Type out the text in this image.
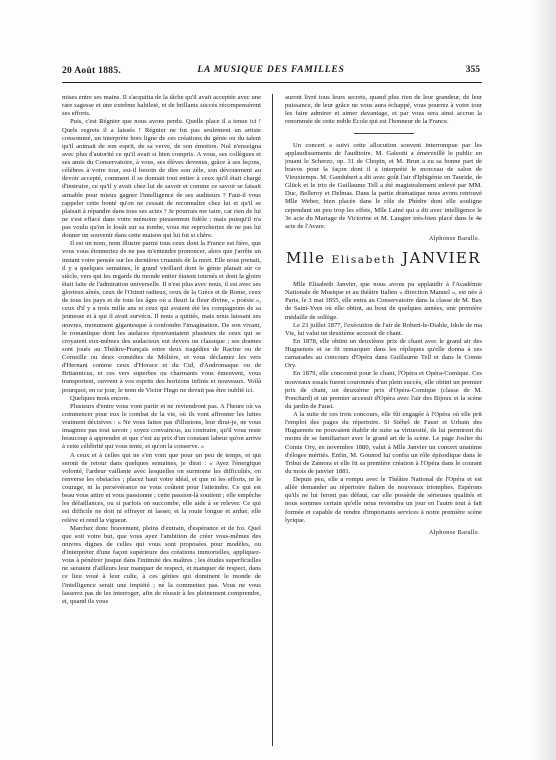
20 Août 1885.	LA MUSIQUE DES FAMILLES	355

mises entre ses mains. Il s'acquitta de la tâche qu'il avait acceptée avec une rare sagesse et une extrême habileté, et de brillants succès récompensèrent ses efforts.

Puis, c'est Régnier que nous avons perdu. Quelle place il a tenue ici ! Quels regrets il a laissés ! Régnier ne fut pas seulement un artiste consommé, un interprète hors ligne de ces créations du génie ou du talent qu'il animait de son esprit, de sa verve, de son émotion. Nul n'enseigna avec plus d'autorité ce qu'il avait si bien compris. A vous, ses collègues et ses amis du Conservatoire, à vous, ses élèves devenus, grâce à ses leçons, célèbres à votre tour, est-il besoin de dire son zèle, son dévouement au devoir accepté, comment il se donnait tout entier à ceux qu'il était chargé d'instruire, ce qu'il y avait chez lui de savoir et comme ce savoir se faisait aimable pour mieux gagner l'intelligence de ses auditeurs ? Faut-il vous rappeler cette bonté qu'on ne cessait de reconnaître chez lui et qu'il se plaisait à répandre dans tous ses actes ? Je pourrais me taire, car rien de lui ne s'est effacé dans votre mémoire pieusement fidèle ; mais puisqu'il n'a pas voulu qu'on le louât sur sa tombe, vous me reprocheriez de ne pas lui donner un souvenir dans cette maison qui lui fut si chère.

Il est un nom, nom illustre parmi tous ceux dont la France est fière, que vous vous étonneriez de ne pas m'entendre prononcer, alors que j'arrête un instant votre pensée sur les dernières cruautés de la mort. Elle nous prenait, il y a quelques semaines, le grand vieillard dont le génie planait sur ce siècle, vers qui les regards du monde entier étaient tournés et dont la gloire était faite de l'admiration universelle. Il n'est plus avec nous, il est avec ses glorieux aînés, ceux de l'Orient radieux, ceux de la Grèce et de Rome, ceux de tous les pays et de tous les âges où a fleuri la fleur divine, « poésie », ceux d'il y a trois mille ans et ceux qui avaient été les compagnons de sa jeunesse et à qui il avait survécu. Il nous a quittés, mais nous laissant ses œuvres, monument gigantesque à confondre l'imagination. De son vivant, le romantique dont les audaces épouvantaient plusieurs de ceux qui se croyaient eux-mêmes des audacieux eut devers un classique ; ses drames sont joués au Théâtre-Français entre deux tragédies de Racine ou de Corneille ou deux comédies de Molière, et vous déclamez les vers d'Hernani comme ceux d'Horace et du Cid, d'Andromaque ou de Britannicus, et ces vers superbes ou charmants vous émeuvent, vous transportent, ouvrent à vos esprits des horizons infinis et nouveaux. Voilà pourquoi, en ce jour, le nom de Victor Hugo ne devait pas être oublié ici.

Quelques mots encore.

Plusieurs d'entre vous vont partir et ne reviendront pas. A l'heure où va commencer pour eux le combat de la vie, où ils vont affronter les luttes vraiment décisives : « Ne vous faites pas d'illusions, leur dirai-je, ne vous imaginez pas tout savoir ; soyez convaincus, au contraire, qu'il vous reste beaucoup à apprendre et que c'est au prix d'un constant labeur qu'on arrive à cette célébrité qui vous tente, et qu'on la conserve. »

A ceux et à celles qui ne s'en vont que pour un peu de temps, et qui seront de retour dans quelques semaines, je dirai : « Ayez l'énergique volonté, l'ardeur vaillante avec lesquelles on surmonte les difficultés, on renverse les obstacles ; placez haut votre idéal, et que ni les efforts, ni le courage, ni la persévérance ne vous coûtent pour l'atteindre. Ce qui est beau vous attire et vous passionne ; cette passion-là soutient ; elle empêche les défaillances, ou si parfois on succombe, elle aide à se relever. Ce qui est difficile ne doit ni effrayer ni lasser, et la route longue et ardue, elle relève et rend la vigueur.

Marchez donc bravement, pleins d'entrain, d'espérance et de foi. Quel que soit votre but, que vous ayez l'ambition de créer vous-mêmes des œuvres dignes de celles qui vous sont proposées pour modèles, ou d'interpréter d'une façon supérieure des créations immortelles, appliquez-vous à pénétrer jusque dans l'intimité des maîtres ; les études superficielles ne seraient d'ailleurs leur manquer de respect, et manquer de respect, dans ce lieu voué à leur culte, à ces génies qui dominent le monde de l'intelligence serait une impiété ; ne la commettez pas. Vous ne vous lasserez pas de les interroger, afin de réussir à les pleinement comprendre, et, quand ils vous

auront livré tous leurs secrets, quand plus rien de leur grandeur, de leur puissance, de leur grâce ne vous aura échappé, vous pourrez à votre tour les faire admirer et aimer davantage, et par vous sera ainsi accrue la renommée de cette noble École qui est l'honneur de la France.

Un concert a suivi cette allocution souvent interrompue par les applaudissements de l'auditoire. M. Galeotti a émerveillé le public en jouant le Scherzo, op. 31 de Chopin, et M. Brun a eu sa bonne part de bravos pour la façon dont il a interprété le morceau de salon de Vieuxtemps. M. Gandubert a dit avec goût l'air d'Iphigénie en Tauride, de Glück et le trio de Guillaume Tell a été magistralement enlevé par MM. Duc, Belleroy et Delmas. Dans la partie dramatique nous avons retrouvé Mlle Weber, bien placée dans le rôle de Phèdre dont elle souligne cependant un peu trop les effets, Mlle Lainé qui a dit avec intelligence le 3e acte du Mariage de Victorine et M. Laugier très-bien placé dans le 4e acte de l'Avare.

Alphonse Baralle.
Mlle Elisabeth JANVIER

Mlle Elisabeth Janvier, que nous avons pu applaudir à l'Académie Nationale de Musique et au théâtre Italien « direction Manuel », est née à Paris, le 3 mai 1855, elle entra au Conservatoire dans la classe de M. Bax de Saint-Yves où elle obtint, au bout de quelques années, une première médaille de solfège.

Le 23 juillet 1877, l'exécution de l'air de Robert-le-Diable, Idole de ma Vie, lui valut un deuxième accessit de chant.

En 1878, elle obtint un deuxième prix de chant avec le grand air des Huguenots et se fit remarquer dans les répliques qu'elle donna à ses camarades au concours d'Opéra dans Guillaume Tell et dans le Comte Ory.

En 1879, elle concourut pour le chant, l'Opéra et Opéra-Comique. Ces nouveaux essais furent couronnés d'un plein succès, elle obtint un premier prix de chant, un deuxième prix d'Opéra-Comique (classe de M. Ponchard) et un premier accessit d'Opéra avec l'air des Bijoux et la scène du jardin de Faust.

A la suite de ces trois concours, elle fût engagée à l'Opéra où elle prit l'emploi des pages du répertoire. Si Siébel de Faust et Urbain des Huguenots ne pouvaient établir de suite sa virtuosité, ils lui permirent du moins de se familiariser avec le grand art de la scène. Le page Joslier du Comte Ory, en novembre 1880, valut à Mlle Janvier un concert unanime d'éloges mérités. Enfin, M. Gounod lui confia un rôle épisodique dans le Tribut de Zamora et elle fit sa première création à l'Opéra dans le courant du mois de janvier 1881.

Depuis peu, elle a rompu avec le Théâtre National de l'Opéra et est allée demander au répertoire italien de nouveaux triomphes. Espérons qu'ils ne lui feront pas défaut, car elle possède de sérieuses qualités et nous sommes certain qu'elle nous reviendra un jour en l'autre tout à fait formée et capable de rendre d'importants services à notre première scène lyrique.

Alphonse Baralle.
